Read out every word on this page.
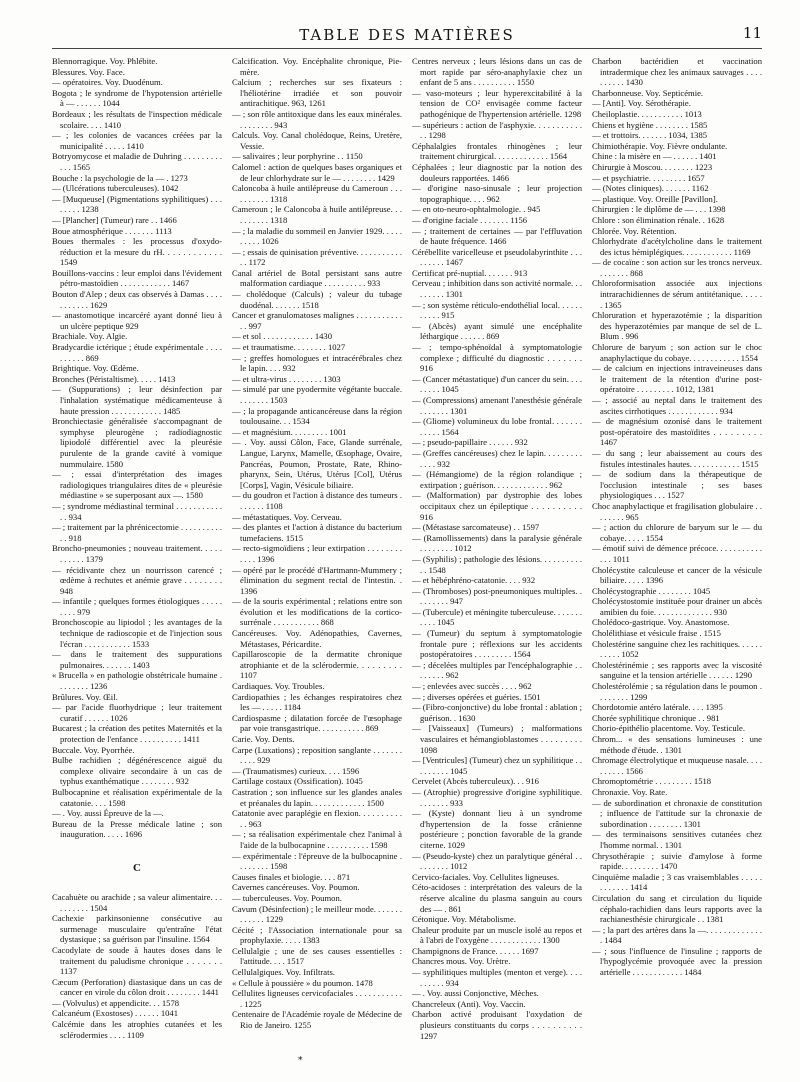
TABLE DES MATIÈRES	11

Blennorragique. Voy. Phlébite.

Blessures. Voy. Face.

— opératoires. Voy. Duodénum.

Bogota ; le syndrome de l'hypotension artérielle à — . . . . . . 1044

Bordeaux ; les résultats de l'inspection médicale scolaire. . . . 1410

— ; les colonies de vacances créées par la municipalité . . . . . 1410

Botryomycose et maladie de Duhring . . . . . . . . . . . . 1565

Bouche : la psychologie de la — . 1273

— (Ulcérations tuberculeuses). 1042

— [Muqueuse] (Pigmentations syphilitiques) . . . . . . . . 1238

— [Plancher] (Tumeur) rare . . 1466

Boue atmosphérique . . . . . . . 1113

Boues thermales : les processus d'oxydo-réduction et la mesure du rH. . . . . . . . . . . . 1549

Bouillons-vaccins : leur emploi dans l'évidement pétro-mastoïdien . . . . . . . . . . . . 1467

Bouton d'Alep ; deux cas observés à Damas . . . . . . . . . . . 1629

— anastomotique incarcéré ayant donné lieu à un ulcère peptique 929

Brachiale. Voy. Algie.

Bradycardie ictérique ; étude expérimentale . . . . . . . . . . 869

Brightique. Voy. Œdème.

Bronches (Péristaltisme). . . . . 1413

— (Suppurations) ; leur désinfection par l'inhalation systématique médicamenteuse à haute pression . . . . . . . . . . . . 1485

Bronchiectasie généralisée s'accompagnant de symphyse pleurogène ; radiodiagnostic lipiodolé différentiel avec la pleurésie purulente de la grande cavité à vomique nummulaire. 1580

— ; essai d'interprétation des images radiologiques triangulaires dites de « pleurésie médiastine » se superposant aux —. 1580

— ; syndrome médiastinal terminal . . . . . . . . . . . . . 934

— ; traitement par la phrénicectomie . . . . . . . . . . . . 918

Broncho-pneumonies ; nouveau traitement. . . . . . . . . . . 1379

— récidivante chez un nourrisson carencé ; œdème à rechutes et anémie grave . . . . . . . . 948

— infantile ; quelques formes étiologiques . . . . . . . . . 979

Bronchoscopie au lipiodol ; les avantages de la technique de radioscopie et de l'injection sous l'écran . . . . . . . . . . . 1533

— dans le traitement des suppurations pulmonaires. . . . . . . 1403

« Brucella » en pathologie obstétricale humaine . . . . . . . . 1236

Brûlures. Voy. Œil.

— par l'acide fluorhydrique ; leur traitement curatif . . . . . . 1026

Bucarest ; la création des petites Maternités et la protection de l'enfance . . . . . . . . . . 1411

Buccale. Voy. Pyorrhée.

Bulbe rachidien ; dégénérescence aiguë du complexe olivaire secondaire à un cas de typhus exanthématique . . . . . . . . 932

Bulbocapnine et réalisation expérimentale de la catatonie. . . . 1598

— . Voy. aussi Épreuve de la —.

Bureau de la Presse médicale latine ; son inauguration. . . . . 1696

C

Cacahuète ou arachide ; sa valeur alimentaire. . . . . . . . . . 1504

Cachexie parkinsonienne consécutive au surmenage musculaire qu'entraîne l'état dystasique ; sa guérison par l'insuline. 1564

Cacodylate de soude à hautes doses dans le traitement du paludisme chronique . . . . . . . 1137

Cæcum (Perforation) diastasique dans un cas de cancer en virole du côlon droit . . . . . . . . 1441

— (Volvulus) et appendicite. . . 1578

Calcanéum (Exostoses) . . . . . . 1041

Calcémie dans les atrophies cutanées et les sclérodermies . . . . 1109

Calcification. Voy. Encéphalite chronique, Pie-mère.

Calcium ; recherches sur ses fixateurs : l'héliotérine irradiée et son pouvoir antirachitique. 963, 1261

— ; son rôle antitoxique dans les eaux minérales. . . . . . . . . 943

Calculs. Voy. Canal cholédoque, Reins, Uretère, Vessie.

— salivaires ; leur porphyrine . . 1150

Calomel : action de quelques bases organiques et de leur chlorhydrate sur le — . . . . . . . . 1429

Caloncoba à huile antilépreuse du Cameroun . . . . . . . . . . 1318

Cameroun ; le Caloncoba à huile antilépreuse. . . . . . . . . . 1318

— ; la maladie du sommeil en Janvier 1929. . . . . . . . . . 1026

— ; essais de quinisation préventive. . . . . . . . . . . . . 1172

Canal artériel de Botal persistant sans autre malformation cardiaque . . . . . . . . . . 933

— cholédoque (Calculs) ; valeur du tubage duodénal. . . . . . . 1518

Cancer et granulomatoses malignes . . . . . . . . . . . . . 997

— et sol . . . . . . . . . . . . 1430

— et traumatisme. . . . . . . . 1027

— ; greffes homologues et intracérébrales chez le lapin. . . . 932

— et ultra-virus . . . . . . . . 1303

— simulé par une pyodermite végétante buccale. . . . . . . . 1503

— ; la propagande anticancéreuse dans la région toulousaine. . . 1534

— et magnésium. . . . . . . . . 1001

— . Voy. aussi Côlon, Face, Glande surrénale, Langue, Larynx, Mamelle, Œsophage, Ovaire, Pancréas, Poumon, Prostate, Rate, Rhino-pharynx, Sein, Utérus, Utérus [Col], Utérus [Corps], Vagin, Vésicule biliaire.

— du goudron et l'action à distance des tumeurs . . . . . . . 1108

— métastatiques. Voy. Cerveau.

— des plantes et l'action à distance du bacterium tumefaciens. 1515

— recto-sigmoïdiens ; leur extirpation . . . . . . . . . . . . 1396

— opéré par le procédé d'Hartmann-Mummery ; élimination du segment rectal de l'intestin. . 1396

— de la souris expérimental ; relations entre son évolution et les modifications de la cortico-surrénale . . . . . . . . . . . 868

Cancéreuses. Voy. Adénopathies, Cavernes, Métastases, Péricardite.

Capillaroscopie de la dermatite chronique atrophiante et de la sclérodermie. . . . . . . . . 1107

Cardiaques. Voy. Troubles.

Cardiopathies ; les échanges respiratoires chez les — . . . . . 1184

Cardiospasme ; dilatation forcée de l'œsophage par voie transgastrique. . . . . . . . . . . 869

Carie. Voy. Dents.

Carpe (Luxations) ; reposition sanglante . . . . . . . . . . . 929

— (Traumatismes) curieux. . . . 1596

Cartilage costaux (Ossification). 1045

Castration ; son influence sur les glandes anales et préanales du lapin. . . . . . . . . . . . . 1500

Catatonie avec paraplégie en flexion. . . . . . . . . . . . 963

— ; sa réalisation expérimentale chez l'animal à l'aide de la bulbocapnine . . . . . . . . . . 1598

— expérimentale : l'épreuve de la bulbocapnine . . . . . . . . 1598

Causes finales et biologie. . . . 871

Cavernes cancéreuses. Voy. Poumon.

— tuberculeuses. Voy. Poumon.

Cavum (Désinfection) ; le meilleur mode. . . . . . . . . . . . . 1229

Cécité ; l'Association internationale pour sa prophylaxie. . . . . 1383

Cellulalgie ; une de ses causes essentielles : l'attitude. . . . 1517

Cellulalgiques. Voy. Infiltrats.

« Cellule à poussière » du poumon. 1478

Cellulites ligneuses cervicofaciales . . . . . . . . . . . . 1225

Centenaire de l'Académie royale de Médecine de Rio de Janeiro. 1255

Centres nerveux ; leurs lésions dans un cas de mort rapide par séro-anaphylaxie chez un enfant de 5 ans . . . . . . . . . . 1550

— vaso-moteurs ; leur hyperexcitabilité à la tension de CO² envisagée comme facteur pathogénique de l'hypertension artérielle. 1298

— supérieurs : action de l'asphyxie. . . . . . . . . . . . . 1298

Céphalalgies frontales rhinogènes ; leur traitement chirurgical. . . . . . . . . . . . . 1564

Céphalées ; leur diagnostic par la notion des douleurs rapportées. 1466

— d'origine naso-sinusale ; leur projection topographique. . . . 962

— en oto-neuro-ophtalmologie. . 945

— d'origine faciale . . . . . . . 1156

— ; traitement de certaines — par l'effluvation de haute fréquence. 1466

Cérébellite varicelleuse et pseudolabyrinthite . . . . . . . . . 1467

Certificat pré-nuptial. . . . . . . 913

Cerveau ; inhibition dans son activité normale. . . . . . . . . 1301

— ; son système réticulo-endothélial local. . . . . . . . . . . 915

— (Abcès) ayant simulé une encéphalite léthargique . . . . . . 869

— ; tempo-sphénoïdal à symptomatologie complexe ; difficulté du diagnostic . . . . . . . 916

— (Cancer métastatique) d'un cancer du sein. . . . . . . . . 1045

— (Compressions) amenant l'anesthésie générale . . . . . . . 1301

— (Gliome) volumineux du lobe frontal. . . . . . . . . . . . 1564

— ; pseudo-papillaire . . . . . . 932

— (Greffes cancéreuses) chez le lapin. . . . . . . . . . . . . 932

— (Hémangiome) de la région rolandique ; extirpation ; guérison. . . . . . . . . . . . . 962

— (Malformation) par dystrophie des lobes occipitaux chez un épileptique . . . . . . . . . . 916

— (Métastase sarcomateuse) . . 1597

— (Ramollissements) dans la paralysie générale . . . . . . . . 1012

— (Syphilis) ; pathologie des lésions. . . . . . . . . . . . 1548

— et hébéphréno-catatonie. . . . 932

— (Thromboses) post-pneumoniques multiples. . . . . . . . . 947

— (Tubercule) et méningite tuberculeuse. . . . . . . . . . . 1045

— (Tumeur) du septum à symptomatologie frontale pure ; réflexions sur les accidents postopératoires . . . . . . . . . 1564

— ; décelées multiples par l'encéphalographie . . . . . . . . 962

— ; enlevées avec succès . . . . 962

— ; diverses opérées et guéries. 1501

— (Fibro-conjonctive) du lobe frontal : ablation ; guérison. . 1630

— [Vaisseaux] (Tumeurs) ; malformations vasculaires et hémangioblastomes . . . . . . . . . 1098

— [Ventricules] (Tumeur) chez un syphilitique . . . . . . . . . 1045

Cervelet (Abcès tuberculeux). . . 916

— (Atrophie) progressive d'origine syphilitique. . . . . . . . 933

— (Kyste) donnant lieu à un syndrome d'hypertension de la fosse crânienne postérieure ; ponction favorable de la grande citerne. 1029

— (Pseudo-kyste) chez un paralytique général . . . . . . . . . 1012

Cervico-faciales. Voy. Cellulites ligneuses.

Céto-acidoses : interprétation des valeurs de la réserve alcaline du plasma sanguin au cours des — . 861

Cétonique. Voy. Métabolisme.

Chaleur produite par un muscle isolé au repos et à l'abri de l'oxygène . . . . . . . . . . . . 1300

Champignons de France. . . . . . 1697

Chancres mous. Voy. Urètre.

— syphilitiques multiples (menton et verge). . . . . . . . . . 934

— . Voy. aussi Conjonctive, Mèches.

Chancreleux (Anti). Voy. Vaccin.

Charbon activé produisant l'oxydation de plusieurs constituants du corps . . . . . . . . . . 1297

Charbon bactéridien et vaccination intradermique chez les animaux sauvages . . . . . . . . . . 1430

Charbonneuse. Voy. Septicémie.

— [Anti]. Voy. Sérothérapie.

Cheiloplastie. . . . . . . . . . . 1013

Chiens et hygiène . . . . . . . . 1585

— et trottoirs. . . . . . . 1034, 1385

Chimiothérapie. Voy. Fièvre ondulante.

Chine : la misère en — . . . . . . 1401

Chirurgie à Moscou. . . . . . . . 1223

— et psychiatrie. . . . . . . . . 1657

— (Notes cliniques). . . . . . . 1162

— plastique. Voy. Oreille [Pavillon].

Chirurgien : le diplôme de — . . . 1398

Chlore : son élimination rénale. . 1628

Chlorée. Voy. Rétention.

Chlorhydrate d'acétylcholine dans le traitement des ictus hémiplégiques. . . . . . . . . . . . 1169

— de cocaïne : son action sur les troncs nerveux. . . . . . . . 868

Chloroformisation associée aux injections intrarachidiennes de sérum antitétanique. . . . . . 1365

Chloruration et hyperazotémie ; la disparition des hyperazotémies par manque de sel de L. Blum . 996

Chlorure de baryum ; son action sur le choc anaphylactique du cobaye. . . . . . . . . . . . 1554

— de calcium en injections intraveineuses dans le traitement de la rétention d'urine post-opératoire . . . . . . . . . 1012, 1381

— ; associé au neptal dans le traitement des ascites cirrhotiques . . . . . . . . . . . . 934

— de magnésium ozonisé dans le traitement post-opératoire des mastoïdites . . . . . . . . . 1467

— du sang ; leur abaissement au cours des fistules intestinales hautes. . . . . . . . . . . . 1515

— de sodium dans la thérapeutique de l'occlusion intestinale ; ses bases physiologiques . . . 1527

Choc anaphylactique et fragilisation globulaire . . . . . . . . 965

— ; action du chlorure de baryum sur le — du cobaye. . . . . 1554

— émotif suivi de démence précoce. . . . . . . . . . . . . . 1011

Cholécystite calculeuse et cancer de la vésicule biliaire. . . . . 1396

Cholécystographie . . . . . . . . 1045

Cholécystostomie instituée pour drainer un abcès amibien du foie. . . . . . . . . . . . . . 930

Cholédoco-gastrique. Voy. Anastomose.

Cholélithiase et vésicule fraise . 1515

Cholestérine sanguine chez les rachitiques. . . . . . . . . . . 1052

Cholestérinémie ; ses rapports avec la viscosité sanguine et la tension artérielle . . . . . . 1290

Cholestérolémie ; sa régulation dans le poumon . . . . . . . . 1299

Chordotomie antéro latérale. . . . 1395

Chorée syphilitique chronique . . 981

Chorio-épithélio placentome. Voy. Testicule.

Chrom... « des sensations lumineuses : une méthode d'étude. . 1301

Chromage électrolytique et muqueuse nasale. . . . . . . . . . 1566

Chromoptométrie . . . . . . . . . 1518

Chronaxie. Voy. Rate.

— de subordination et chronaxie de constitution ; influence de l'attitude sur la chronaxie de subordination . . . . . . . . 1301

— des terminaisons sensitives cutanées chez l'homme normal. . 1301

Chrysothérapie ; suivie d'amylose à forme rapide. . . . . . . . . 1470

Cinquième maladie ; 3 cas vraisemblables . . . . . . . . . . . . 1414

Circulation du sang et circulation du liquide céphalo-rachidien dans leurs rapports avec la rachianesthésie chirurgicale . . 1381

— ; la part des artères dans la —. . . . . . . . . . . . . . 1484

— ; sous l'influence de l'insuline ; rapports de l'hypoglycémie provoquée avec la pression artérielle . . . . . . . . . . . . 1484

*
